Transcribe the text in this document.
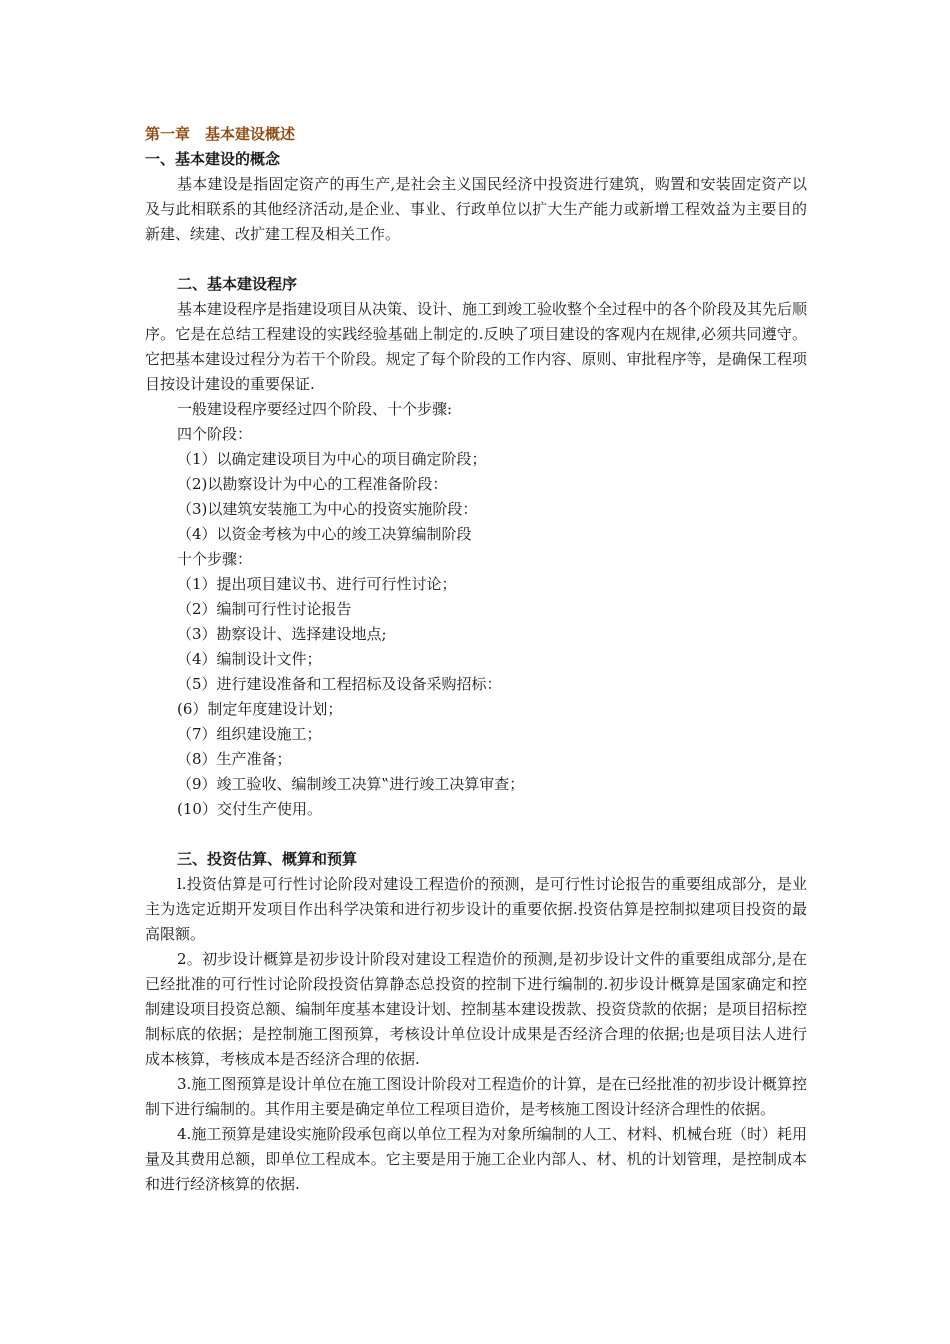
第一章　基本建设概述
一、基本建设的概念

基本建设是指固定资产的再生产,是社会主义国民经济中投资进行建筑，购置和安装固定资产以及与此相联系的其他经济活动,是企业、事业、行政单位以扩大生产能力或新增工程效益为主要目的新建、续建、改扩建工程及相关工作。

二、基本建设程序

基本建设程序是指建设项目从决策、设计、施工到竣工验收整个全过程中的各个阶段及其先后顺序。它是在总结工程建设的实践经验基础上制定的.反映了项目建设的客观内在规律,必须共同遵守。它把基本建设过程分为若干个阶段。规定了每个阶段的工作内容、原则、审批程序等，是确保工程项目按设计建设的重要保证.

一般建设程序要经过四个阶段、十个步骤:

四个阶段：

（1）以确定建设项目为中心的项目确定阶段；

（2)以勘察设计为中心的工程准备阶段：

（3)以建筑安装施工为中心的投资实施阶段：

（4）以资金考核为中心的竣工决算编制阶段

十个步骤：

（1）提出项目建议书、进行可行性讨论；

（2）编制可行性讨论报告

（3）勘察设计、选择建设地点;

（4）编制设计文件；

（5）进行建设准备和工程招标及设备采购招标：

(6）制定年度建设计划；

（7）组织建设施工；

（8）生产准备；

（9）竣工验收、编制竣工决算‟进行竣工决算审查；

(10）交付生产使用。

三、投资估算、概算和预算

l.投资估算是可行性讨论阶段对建设工程造价的预测，是可行性讨论报告的重要组成部分，是业主为选定近期开发项目作出科学决策和进行初步设计的重要依据.投资估算是控制拟建项目投资的最高限额。

2。初步设计概算是初步设计阶段对建设工程造价的预测,是初步设计文件的重要组成部分,是在已经批准的可行性讨论阶段投资估算静态总投资的控制下进行编制的.初步设计概算是国家确定和控制建设项目投资总额、编制年度基本建设计划、控制基本建设拨款、投资贷款的依据；是项目招标控制标底的依据；是控制施工图预算，考核设计单位设计成果是否经济合理的依据;也是项目法人进行成本核算，考核成本是否经济合理的依据.

3.施工图预算是设计单位在施工图设计阶段对工程造价的计算，是在已经批准的初步设计概算控制下进行编制的。其作用主要是确定单位工程项目造价，是考核施工图设计经济合理性的依据。

4.施工预算是建设实施阶段承包商以单位工程为对象所编制的人工、材料、机械台班（时）耗用量及其费用总额，即单位工程成本。它主要是用于施工企业内部人、材、机的计划管理，是控制成本和进行经济核算的依据.
